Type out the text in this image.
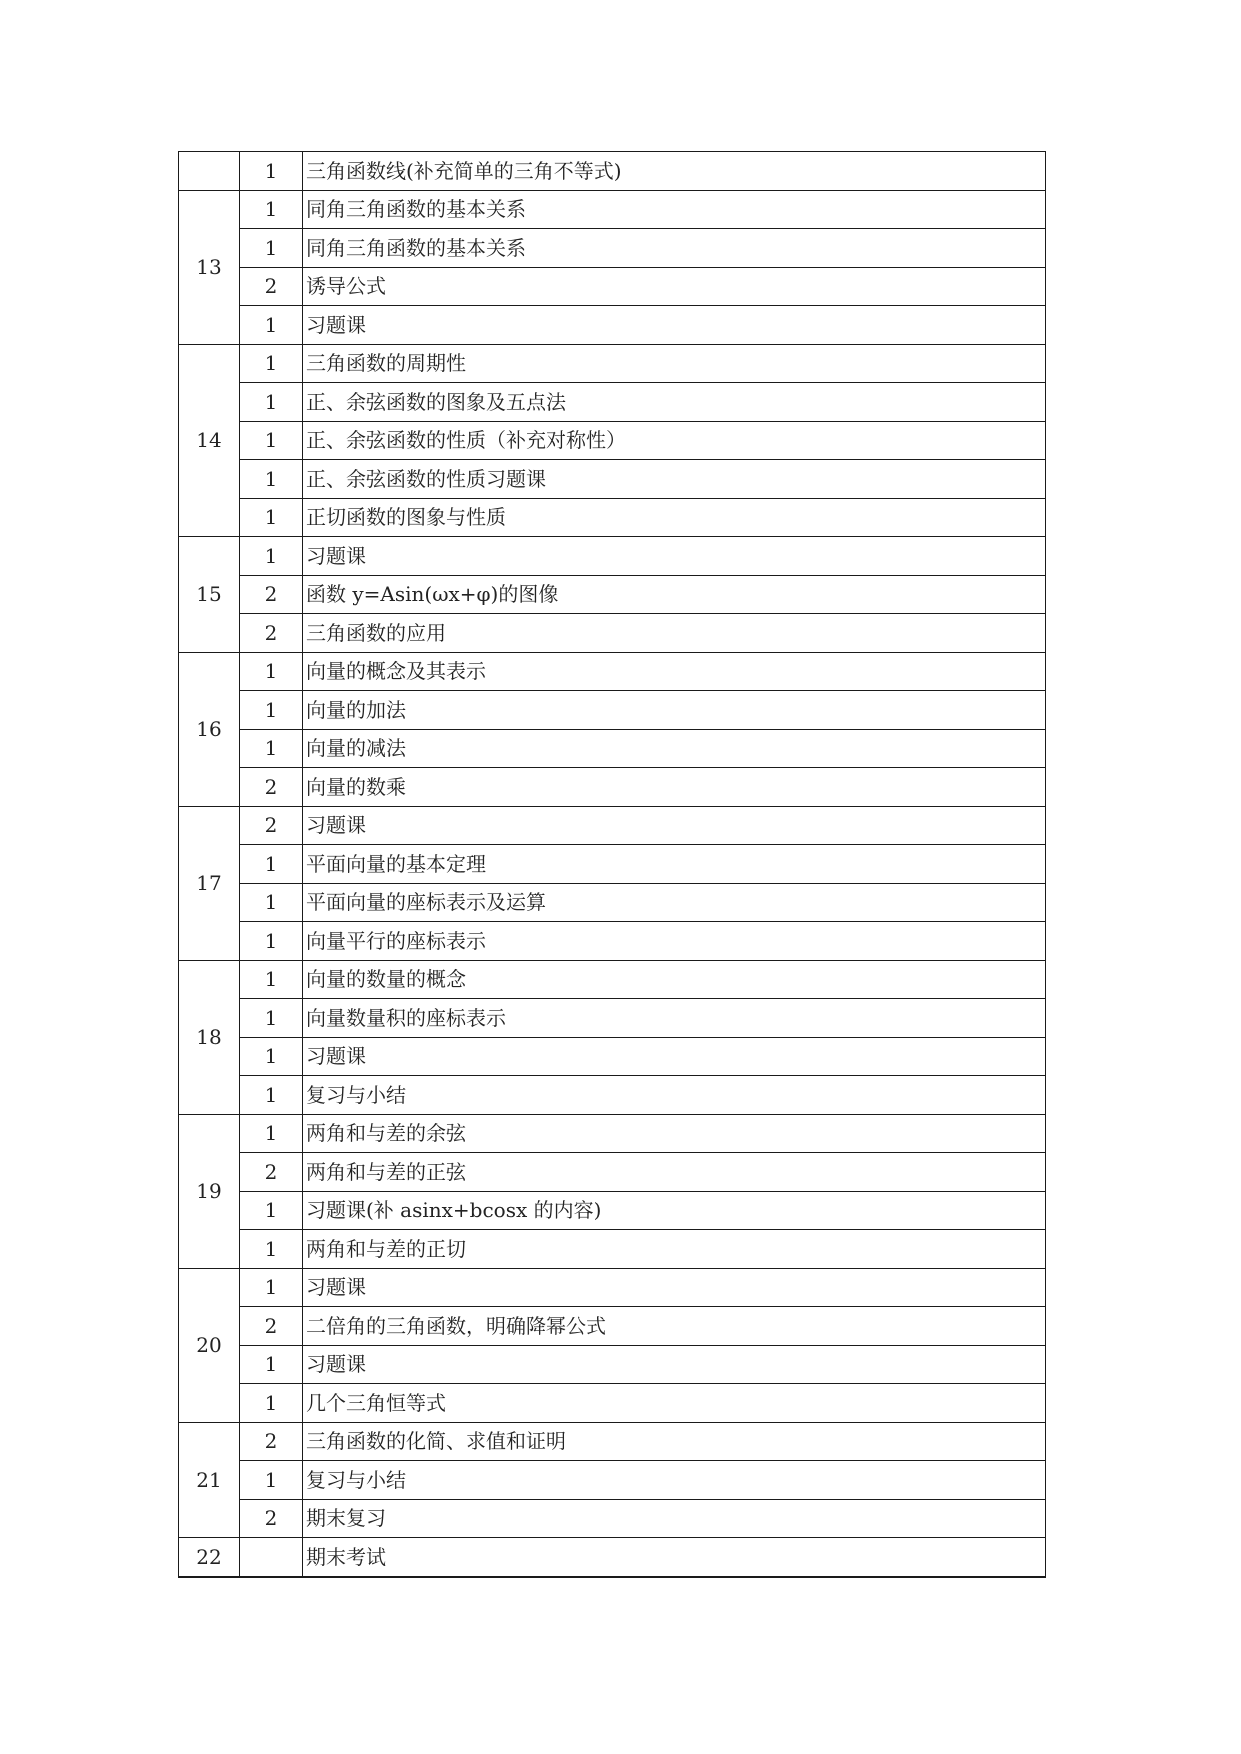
	1	三角函数线(补充简单的三角不等式)
13	1	同角三角函数的基本关系
	1	同角三角函数的基本关系
	2	诱导公式
	1	习题课
14	1	三角函数的周期性
	1	正、余弦函数的图象及五点法
	1	正、余弦函数的性质（补充对称性）
	1	正、余弦函数的性质习题课
	1	正切函数的图象与性质
15	1	习题课
	2	函数 y=Asin(ωx+φ)的图像
	2	三角函数的应用
16	1	向量的概念及其表示
	1	向量的加法
	1	向量的减法
	2	向量的数乘
17	2	习题课
	1	平面向量的基本定理
	1	平面向量的座标表示及运算
	1	向量平行的座标表示
18	1	向量的数量的概念
	1	向量数量积的座标表示
	1	习题课
	1	复习与小结
19	1	两角和与差的余弦
	2	两角和与差的正弦
	1	习题课(补 asinx+bcosx 的内容)
	1	两角和与差的正切
20	1	习题课
	2	二倍角的三角函数，明确降幂公式
	1	习题课
	1	几个三角恒等式
21	2	三角函数的化简、求值和证明
	1	复习与小结
	2	期末复习
22		期末考试
